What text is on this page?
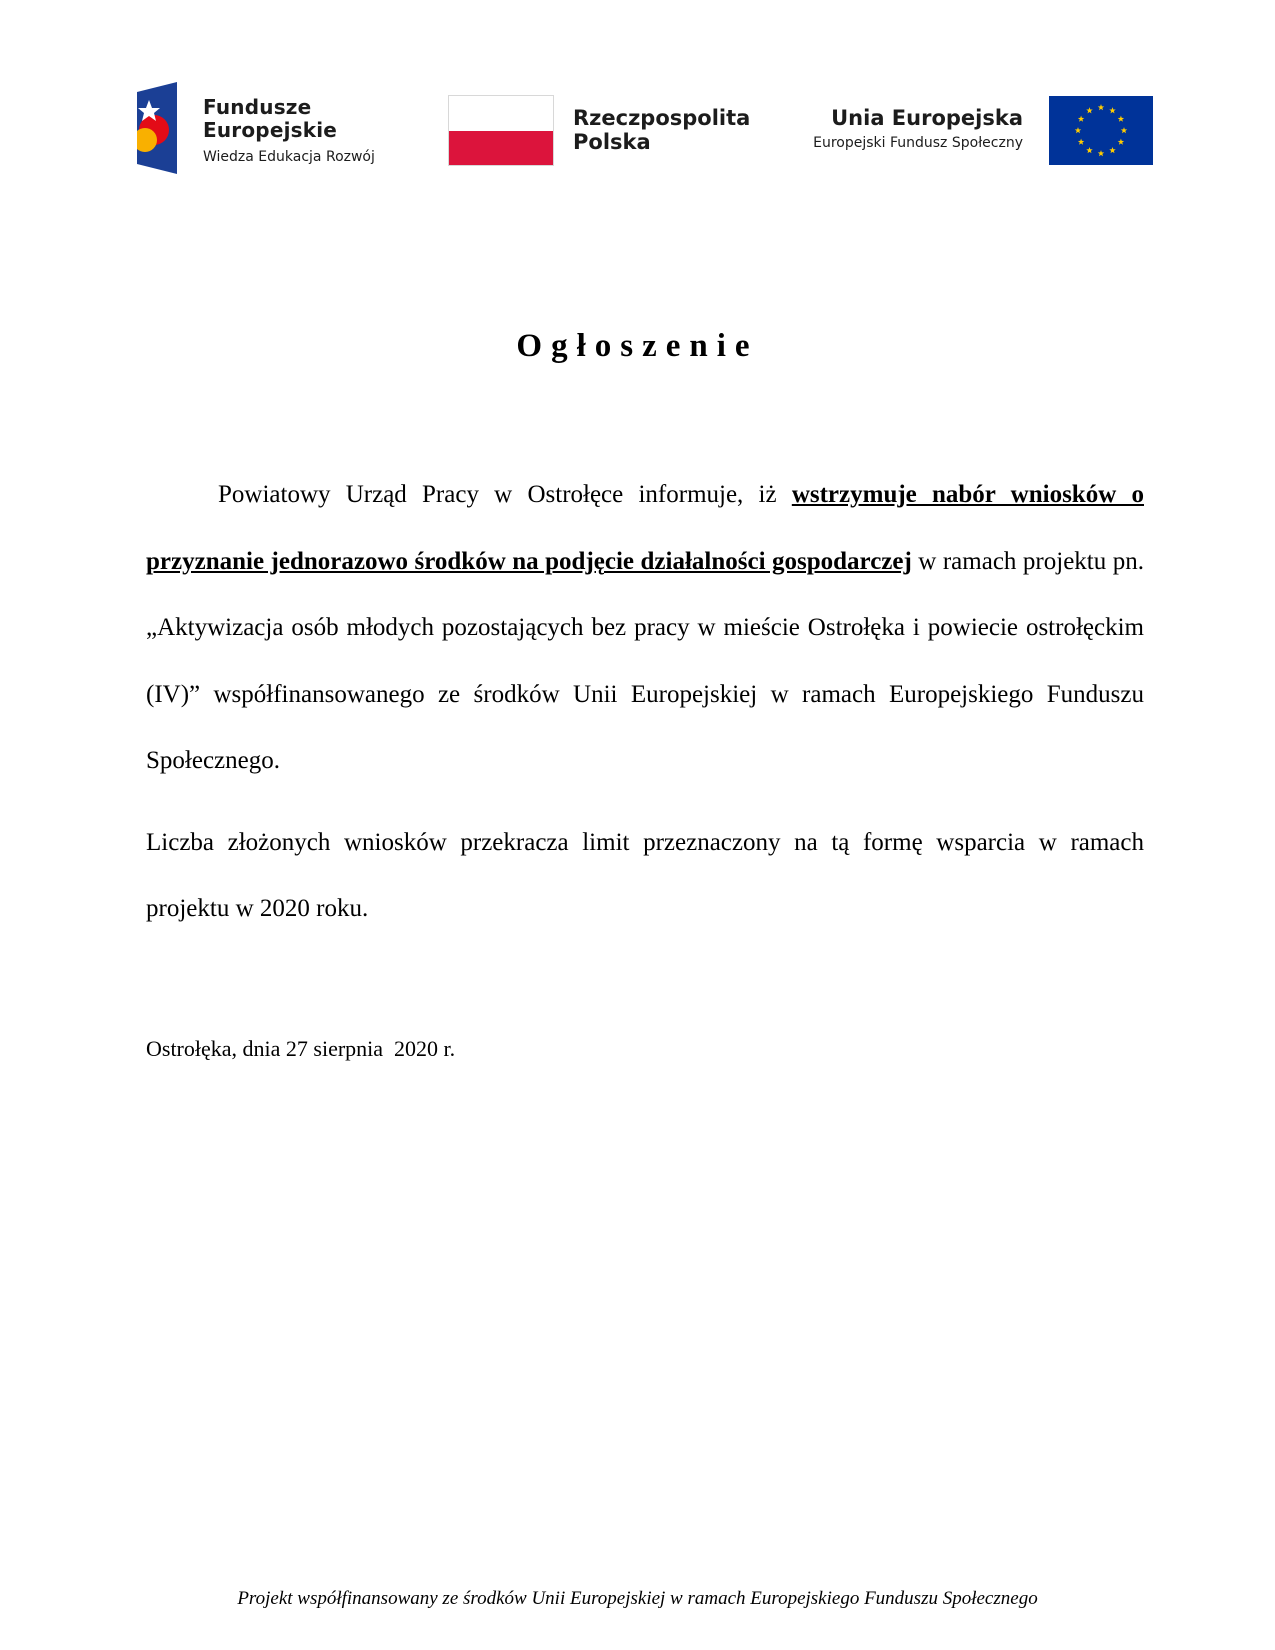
Fundusze
Europejskie
Wiedza Edukacja Rozwój
Rzeczpospolita
Polska
Unia Europejska
Europejski Fundusz Społeczny
Ogłoszenie
Powiatowy Urząd Pracy w Ostrołęce informuje, iż wstrzymuje nabór wniosków o przyznanie jednorazowo środków na podjęcie działalności gospodarczej w ramach projektu pn. „Aktywizacja osób młodych pozostających bez pracy w mieście Ostrołęka i powiecie ostrołęckim (IV)” współfinansowanego ze środków Unii Europejskiej w ramach Europejskiego Funduszu Społecznego.
Liczba złożonych wniosków przekracza limit przeznaczony na tą formę wsparcia w ramach projektu w 2020 roku.
Ostrołęka, dnia 27 sierpnia  2020 r.
Projekt współfinansowany ze środków Unii Europejskiej w ramach Europejskiego Funduszu Społecznego
